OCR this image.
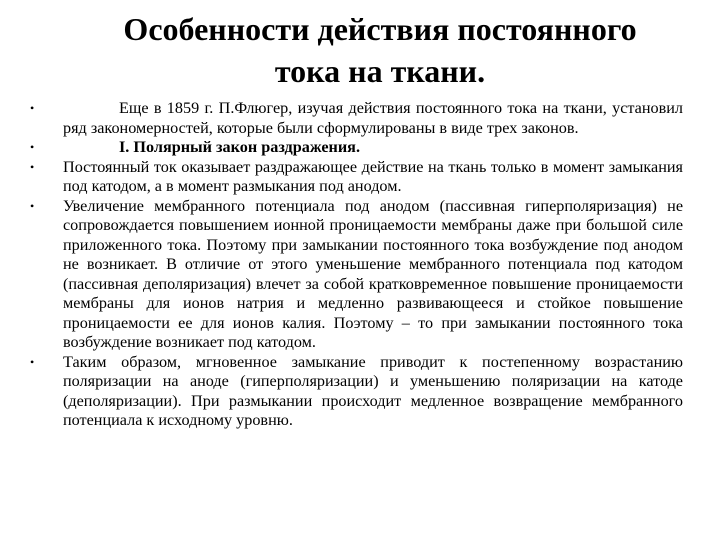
Особенности действия постоянного
тока на ткани.
•	Еще в 1859 г. П.Флюгер, изучая действия постоянного тока на ткани, установил ряд закономерностей, которые были сформулированы в виде трех законов.
•	I. Полярный закон раздражения.
•	Постоянный ток оказывает раздражающее действие на ткань только в момент замыкания под катодом, а в момент размыкания под анодом.
•	Увеличение мембранного потенциала под анодом (пассивная гиперполяризация) не сопровождается повышением ионной проницаемости мембраны даже при большой силе приложенного тока. Поэтому при замыкании постоянного тока возбуждение под анодом не возникает. В отличие от этого уменьшение мембранного потенциала под катодом (пассивная деполяризация) влечет за собой кратковременное повышение проницаемости мембраны для ионов натрия и медленно развивающееся и стойкое повышение проницаемости ее для ионов калия. Поэтому – то при замыкании постоянного тока возбуждение возникает под катодом.
•	Таким образом, мгновенное замыкание приводит к постепенному возрастанию поляризации на аноде (гиперполяризации) и уменьшению поляризации на катоде (деполяризации). При размыкании происходит медленное возвращение мембранного потенциала к исходному уровню.
